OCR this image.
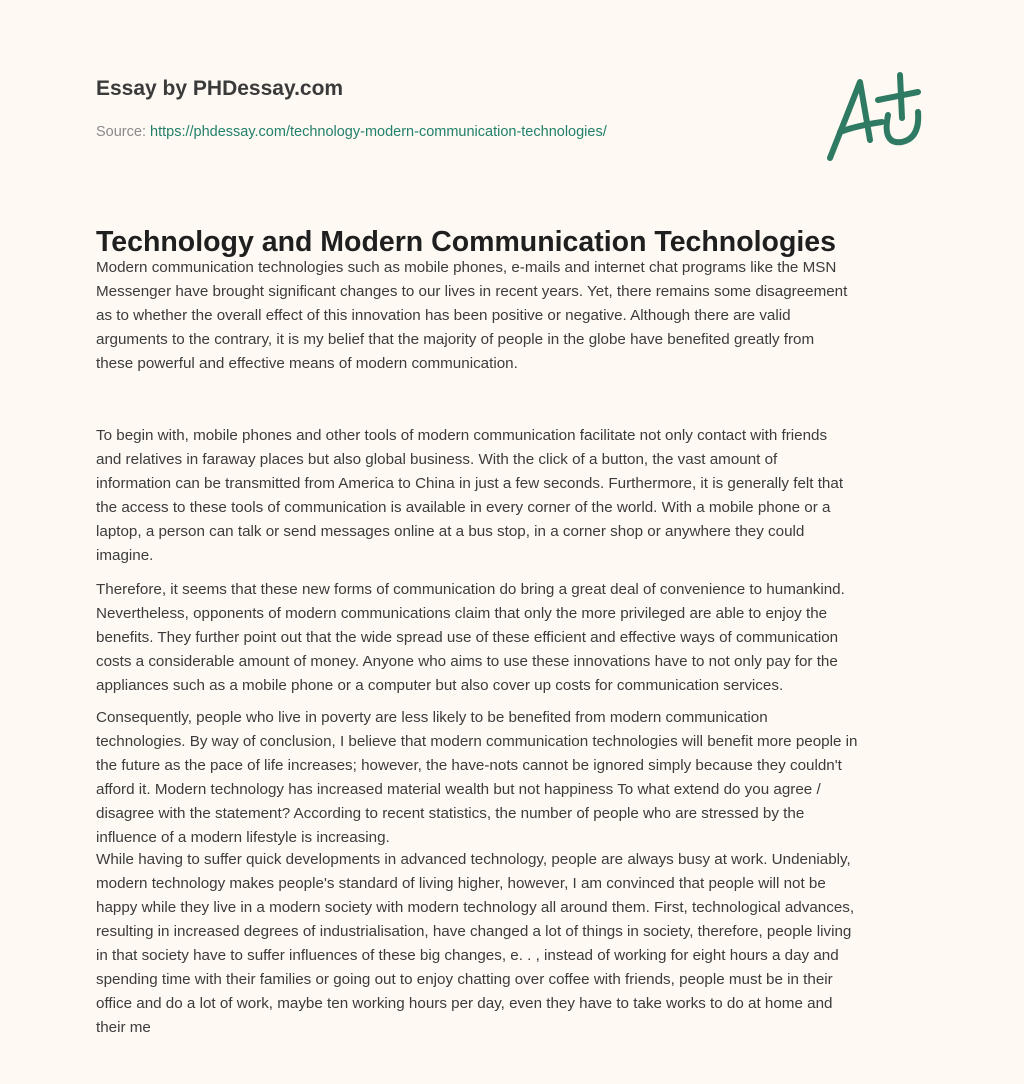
Essay by PHDessay.com
Source: https://phdessay.com/technology-modern-communication-technologies/
Technology and Modern Communication Technologies

Modern communication technologies such as mobile phones, e-mails and internet chat programs like the MSN
Messenger have brought significant changes to our lives in recent years. Yet, there remains some disagreement
as to whether the overall effect of this innovation has been positive or negative. Although there are valid
arguments to the contrary, it is my belief that the majority of people in the globe have benefited greatly from
these powerful and effective means of modern communication.

To begin with, mobile phones and other tools of modern communication facilitate not only contact with friends
and relatives in faraway places but also global business. With the click of a button, the vast amount of
information can be transmitted from America to China in just a few seconds. Furthermore, it is generally felt that
the access to these tools of communication is available in every corner of the world. With a mobile phone or a
laptop, a person can talk or send messages online at a bus stop, in a corner shop or anywhere they could
imagine.

Therefore, it seems that these new forms of communication do bring a great deal of convenience to humankind.
Nevertheless, opponents of modern communications claim that only the more privileged are able to enjoy the
benefits. They further point out that the wide spread use of these efficient and effective ways of communication
costs a considerable amount of money. Anyone who aims to use these innovations have to not only pay for the
appliances such as a mobile phone or a computer but also cover up costs for communication services.

Consequently, people who live in poverty are less likely to be benefited from modern communication
technologies. By way of conclusion, I believe that modern communication technologies will benefit more people in
the future as the pace of life increases; however, the have-nots cannot be ignored simply because they couldn't
afford it. Modern technology has increased material wealth but not happiness To what extend do you agree /
disagree with the statement? According to recent statistics, the number of people who are stressed by the
influence of a modern lifestyle is increasing.

While having to suffer quick developments in advanced technology, people are always busy at work. Undeniably,
modern technology makes people's standard of living higher, however, I am convinced that people will not be
happy while they live in a modern society with modern technology all around them. First, technological advances,
resulting in increased degrees of industrialisation, have changed a lot of things in society, therefore, people living
in that society have to suffer influences of these big changes, e. . , instead of working for eight hours a day and
spending time with their families or going out to enjoy chatting over coffee with friends, people must be in their
office and do a lot of work, maybe ten working hours per day, even they have to take works to do at home and
their me
